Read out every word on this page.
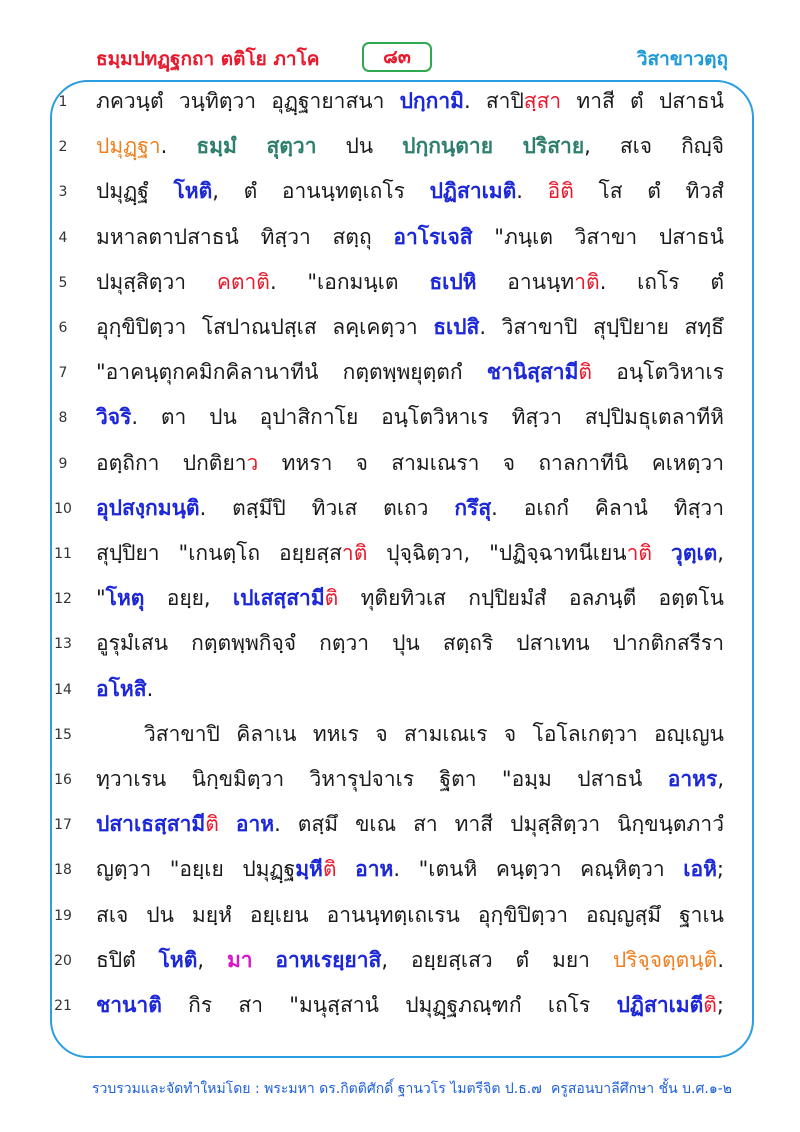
ธมฺมปทฏฺฐกถา ตติโย ภาโค	๘๓	วิสาขาวตฺถุ
1	ภควนฺตํ วนฺทิตฺวา อุฏฺฐายาสนา ปกฺกามิ. สาปิสฺสา ทาสี ตํ ปสาธนํ
2	ปมุฏฺฐา. ธมฺมํ สุตฺวา ปน ปกฺกนฺตาย ปริสาย, สเจ กิญฺจิ
3	ปมุฏฺฐํ โหติ, ตํ อานนฺทตฺเถโร ปฏิสาเมติ. อิติ โส ตํ ทิวสํ
4	มหาลตาปสาธนํ ทิสฺวา สตฺถุ อาโรเจสิ "ภนฺเต วิสาขา ปสาธนํ
5	ปมุสฺสิตฺวา คตาติ. "เอกมนฺเต ธเปหิ อานนฺทาติ. เถโร ตํ
6	อุกฺขิปิตฺวา โสปาณปสฺเส ลคฺเคตฺวา ธเปสิ. วิสาขาปิ สุปฺปิยาย สทฺธึ
7	"อาคนฺตุกคมิกคิลานาทีนํ กตฺตพฺพยุตฺตกํ ชานิสฺสามีติ อนฺโตวิหาเร
8	วิจริ. ตา ปน อุปาสิกาโย อนฺโตวิหาเร ทิสฺวา สปฺปิมธุเตลาทีหิ
9	อตฺถิกา ปกติยาว ทหรา จ สามเณรา จ ถาลกาทีนิ คเหตฺวา
10 อุปสงฺกมนฺติ. ตสฺมึปิ ทิวเส ตเถว กรึสุ. อเถกํ คิลานํ ทิสฺวา
11 สุปฺปิยา "เกนตฺโถ อยฺยสฺสาติ ปุจฺฉิตฺวา, "ปฏิจฺฉาทนีเยนาติ วุตฺเต,
12 "โหตุ อยฺย, เปเสสฺสามีติ ทุติยทิวเส กปฺปิยมํสํ อลภนฺตี อตฺตโน
13 อูรุมํเสน กตฺตพฺพกิจฺจํ กตฺวา ปุน สตฺถริ ปสาเทน ปากติกสรีรา
14 อโหสิ.
15	วิสาขาปิ คิลาเน ทหเร จ สามเณเร จ โอโลเกตฺวา อญฺเญน
16 ทฺวาเรน นิกฺขมิตฺวา วิหารุปจาเร ฐิตา "อมฺม ปสาธนํ อาหร,
17 ปสาเธสฺสามีติ อาห. ตสฺมึ ขเณ สา ทาสี ปมุสฺสิตฺวา นิกฺขนฺตภาวํ
18 ญตฺวา "อยฺเย ปมุฏฺฐมฺหีติ อาห. "เตนหิ คนฺตฺวา คณฺหิตฺวา เอหิ;
19 สเจ ปน มยฺหํ อยฺเยน อานนฺทตฺเถเรน อุกฺขิปิตฺวา อญฺญสฺมึ ฐาเน
20 ธปิตํ โหติ, มา อาหเรยฺยาสิ, อยฺยสฺเสว ตํ มยา ปริจฺจตฺตนฺติ.
21 ชานาติ กิร สา "มนุสฺสานํ ปมุฏฺฐภณฺฑกํ เถโร ปฏิสาเมตีติ;
รวบรวมและจัดทำใหม่โดย : พระมหา ดร.กิตติศักดิ์ ฐานวโร ไมตรีจิต ป.ธ.๗ ครูสอนบาลีศึกษา ชั้น บ.ศ.๑-๒
